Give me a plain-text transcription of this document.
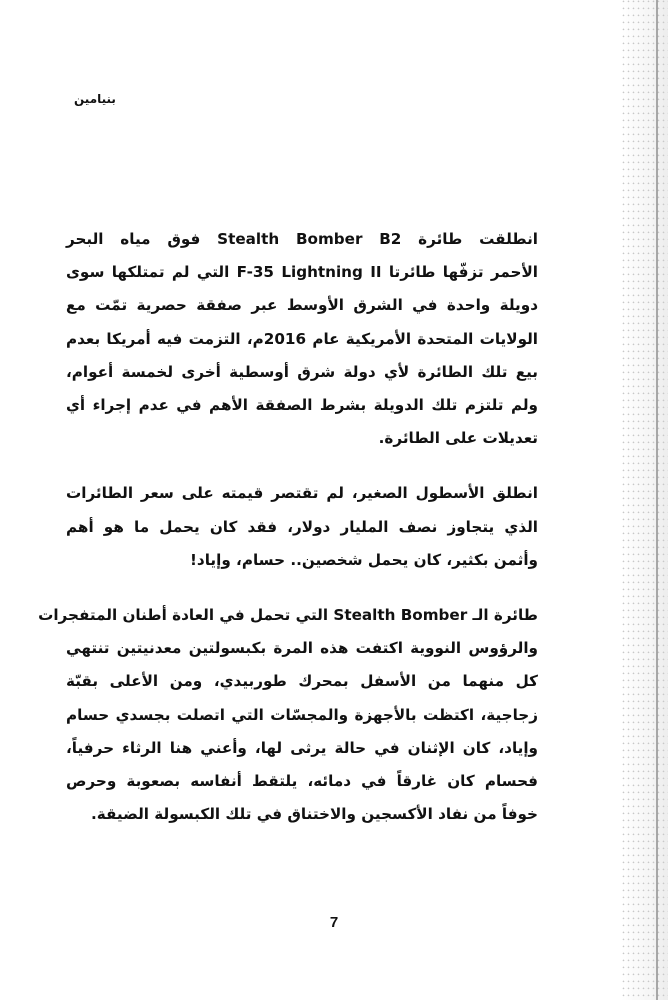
بنيامين

انطلقت طائرة Stealth Bomber B2 فوق مياه البحر
الأحمر تزفّها طائرتا F-35 Lightning II التي لم تمتلكها سوى
دويلة واحدة في الشرق الأوسط عبر صفقة حصرية تمّت مع
الولايات المتحدة الأمريكية عام 2016م، التزمت فيه أمريكا بعدم
بيع تلك الطائرة لأي دولة شرق أوسطية أخرى لخمسة أعوام،
ولم تلتزم تلك الدويلة بشرط الصفقة الأهم في عدم إجراء أي
تعديلات على الطائرة.

انطلق الأسطول الصغير، لم تقتصر قيمته على سعر الطائرات
الذي يتجاوز نصف المليار دولار، فقد كان يحمل ما هو أهم
وأثمن بكثير، كان يحمل شخصين.. حسام، وإياد!

طائرة الـ Stealth Bomber التي تحمل في العادة أطنان المتفجرات
والرؤوس النووية اكتفت هذه المرة بكبسولتين معدنيتين تنتهي
كل منهما من الأسفل بمحرك طوربيدي، ومن الأعلى بقبّة
زجاجية، اكتظت بالأجهزة والمجسّات التي اتصلت بجسدي حسام
وإياد، كان الإثنان في حالة يرثى لها، وأعني هنا الرثاء حرفياً،
فحسام كان غارقاً في دمائه، يلتقط أنفاسه بصعوبة وحرص
خوفاً من نفاد الأكسجين والاختناق في تلك الكبسولة الضيقة.

7
